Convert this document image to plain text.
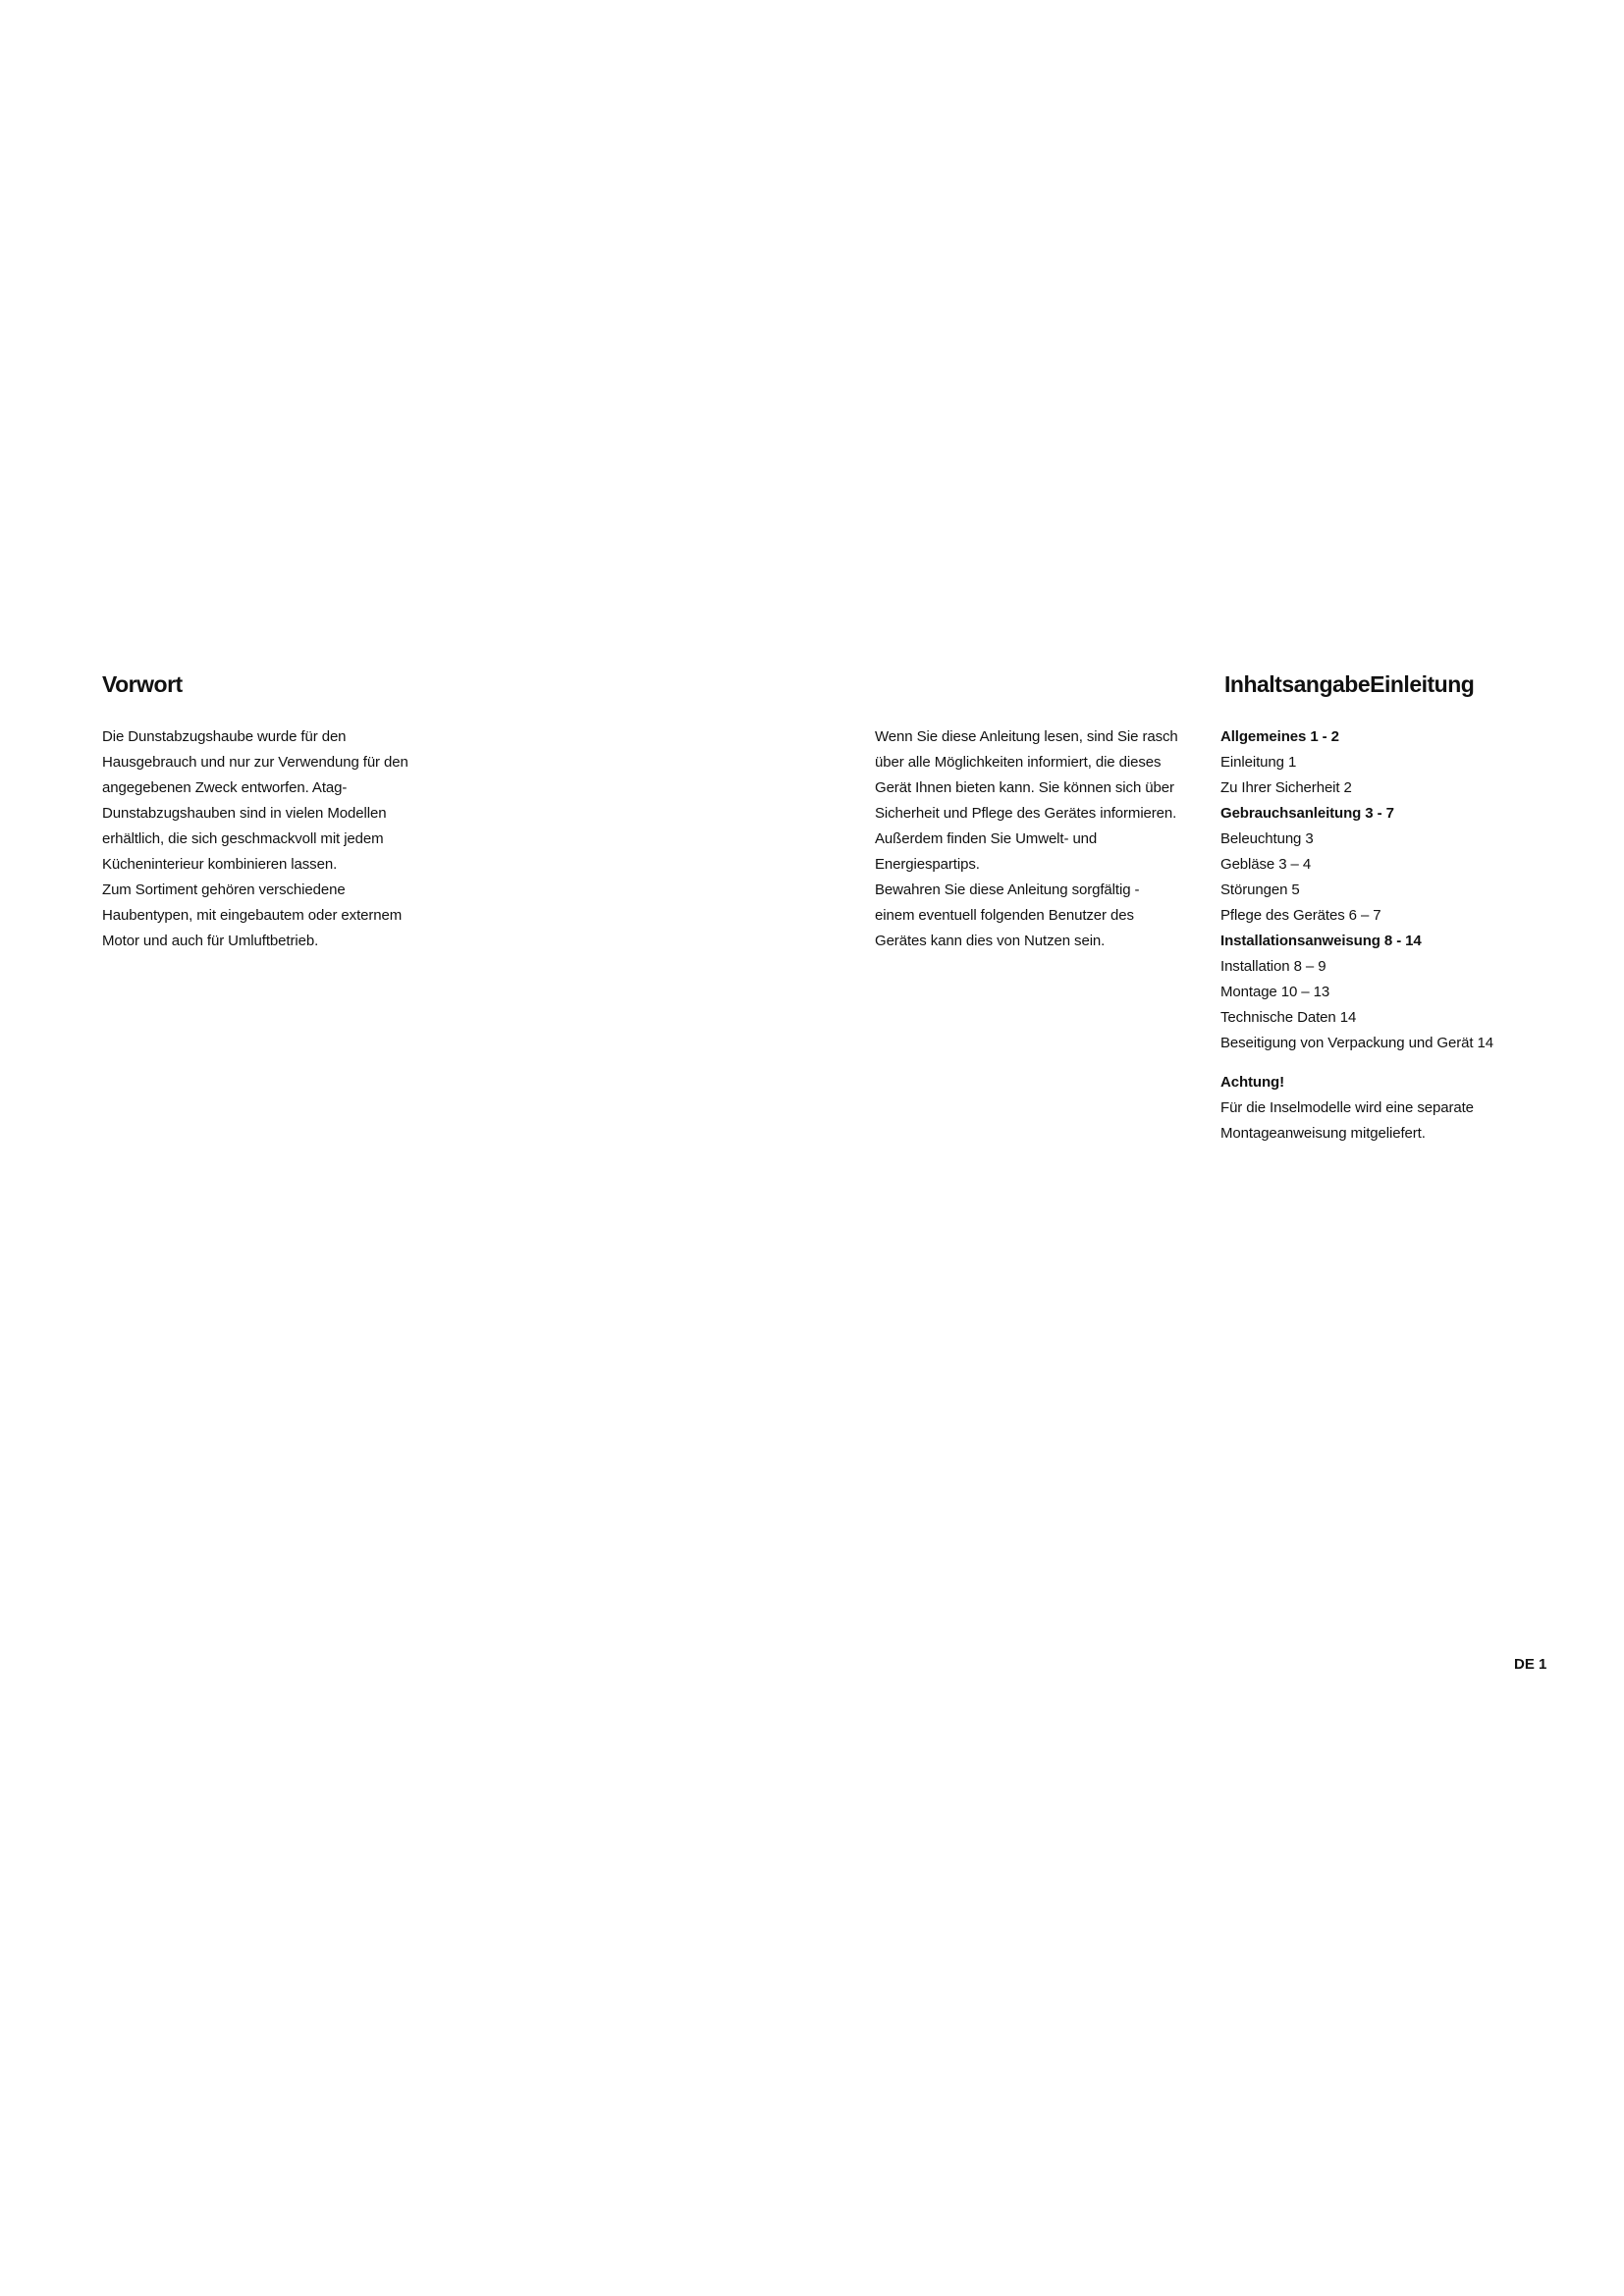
Vorwort
Die Dunstabzugshaube wurde für den
Hausgebrauch und nur zur Verwendung für den
angegebenen Zweck entworfen. Atag-
Dunstabzugshauben sind in vielen Modellen
erhältlich, die sich geschmackvoll mit jedem
Kücheninterieur kombinieren lassen.
Zum Sortiment gehören verschiedene
Haubentypen, mit eingebautem oder externem
Motor und auch für Umluftbetrieb.
Wenn Sie diese Anleitung lesen, sind Sie rasch
über alle Möglichkeiten informiert, die dieses
Gerät Ihnen bieten kann. Sie können sich über
Sicherheit und Pflege des Gerätes informieren.
Außerdem finden Sie Umwelt- und
Energiespartips.
Bewahren Sie diese Anleitung sorgfältig -
einem eventuell folgenden Benutzer des
Gerätes kann dies von Nutzen sein.
InhaltsangabeEinleitung
Allgemeines 1 - 2
Einleitung 1
Zu Ihrer Sicherheit 2
Gebrauchsanleitung 3 - 7
Beleuchtung 3
Gebläse 3 – 4
Störungen 5
Pflege des Gerätes 6 – 7
Installationsanweisung 8 - 14
Installation 8 – 9
Montage 10 – 13
Technische Daten 14
Beseitigung von Verpackung und Gerät 14
Achtung!
Für die Inselmodelle wird eine separate
Montageanweisung mitgeliefert.
DE 1
